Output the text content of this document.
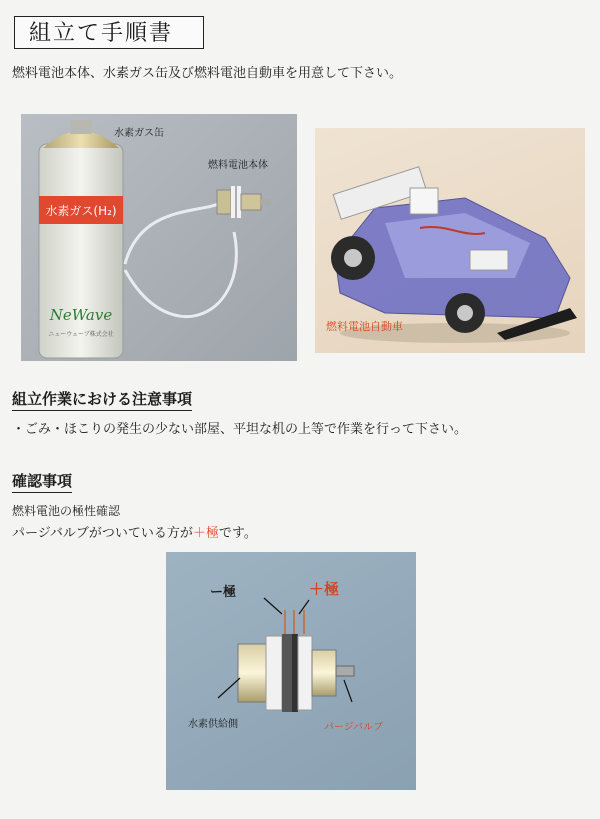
組立て手順書
燃料電池本体、水素ガス缶及び燃料電池自動車を用意して下さい。
水素ガス(H₂)
NeWave
ニューウェーブ株式会社
水素ガス缶
燃料電池本体
燃料電池自動車
組立作業における注意事項
・ごみ・ほこりの発生の少ない部屋、平坦な机の上等で作業を行って下さい。
確認事項
燃料電池の極性確認
パージバルブがついている方が＋極です。
ー極	＋極
水素供給側	パージバルブ
